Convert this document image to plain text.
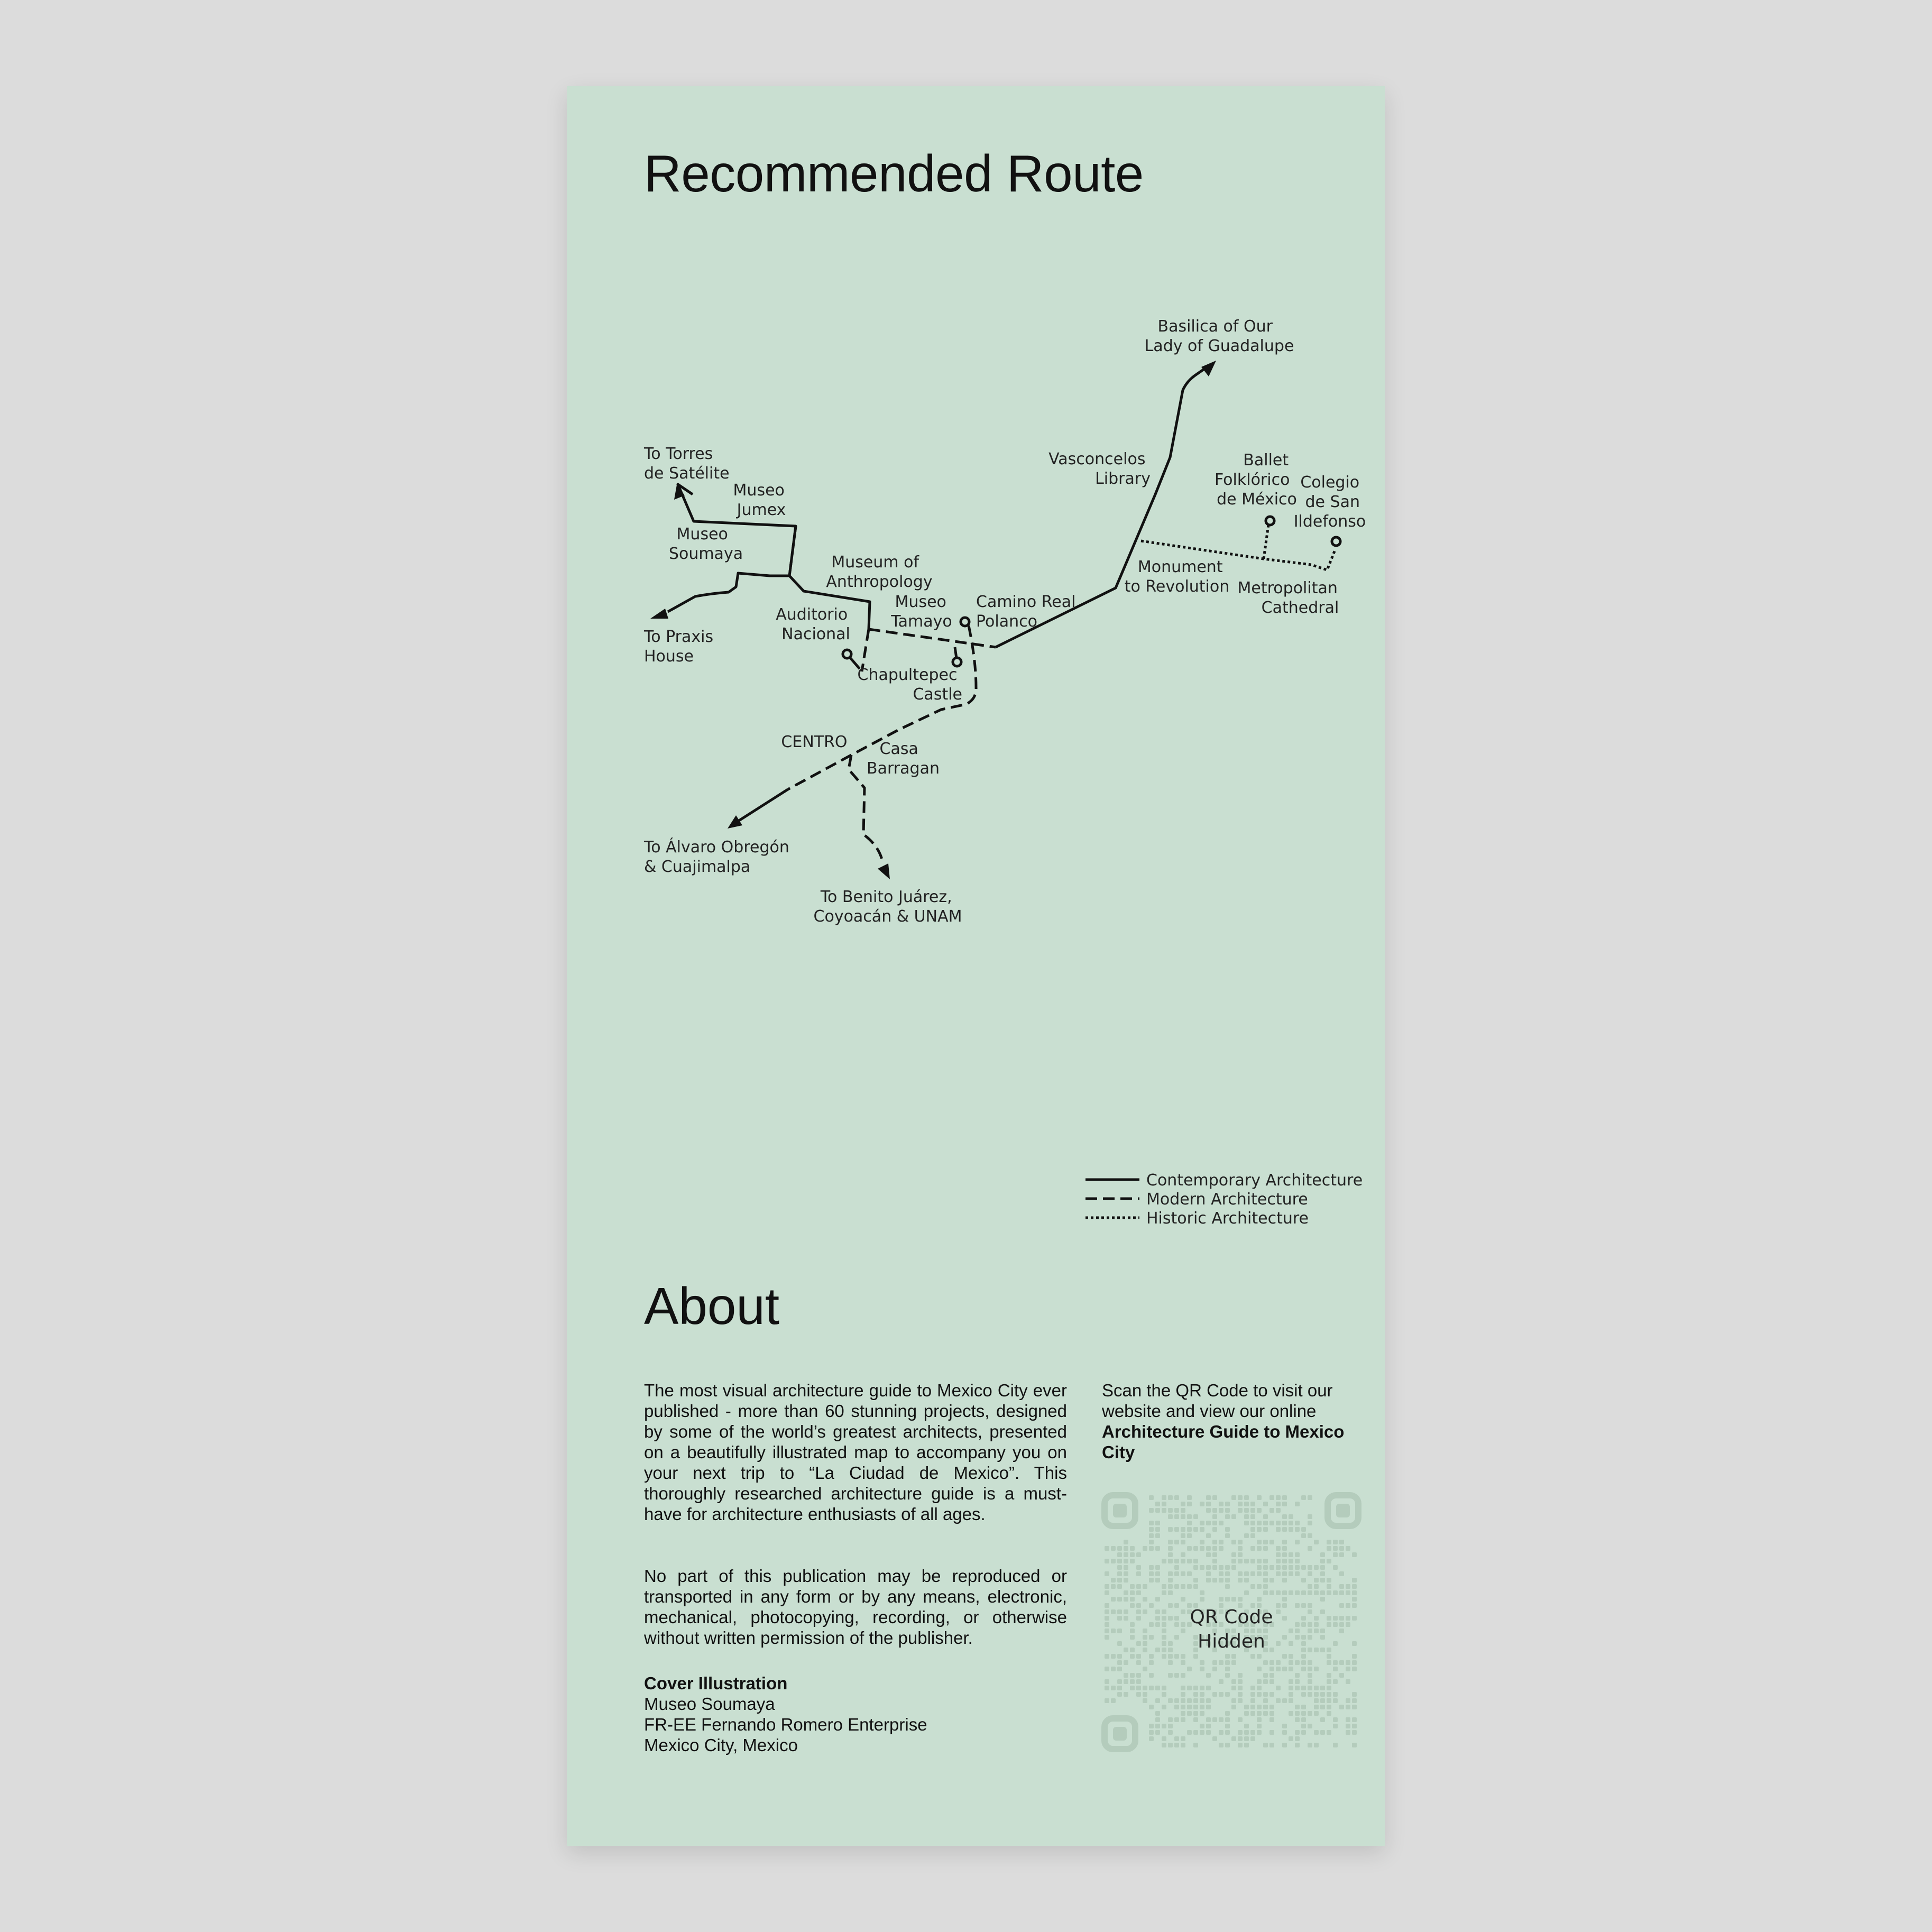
Recommended Route
Basilica of Our Lady of Guadalupe
To Torres de Satélite
Museo Jumex
Museo Soumaya
Vasconcelos Library
Ballet Folklórico de México
Colegio de San Ildefonso
Museum of Anthropology
Monument to Revolution Metropolitan Cathedral
Auditorio Nacional
Museo Tamayo
Camino Real Polanco
To Praxis House
Chapultepec Castle
CENTRO	Casa Barragan
To Álvaro Obregón & Cuajimalpa
To Benito Juárez, Coyoacán & UNAM
Contemporary Architecture
Modern Architecture
Historic Architecture
About

The most visual architecture guide to Mexico City ever published - more than 60 stunning projects, designed by some of the world’s greatest architects, presented on a beautifully illustrated map to accompany you on your next trip to “La Ciudad de Mexico”. This thoroughly researched architecture guide is a must-have for architecture enthusiasts of all ages.

No part of this publication may be reproduced or transported in any form or by any means, electronic, mechanical, photocopying, recording, or otherwise without written permission of the publisher.

Cover Illustration
Museo Soumaya
FR-EE Fernando Romero Enterprise
Mexico City, Mexico
Scan the QR Code to visit our website and view our online Architecture Guide to Mexico City
QR Code
Hidden
